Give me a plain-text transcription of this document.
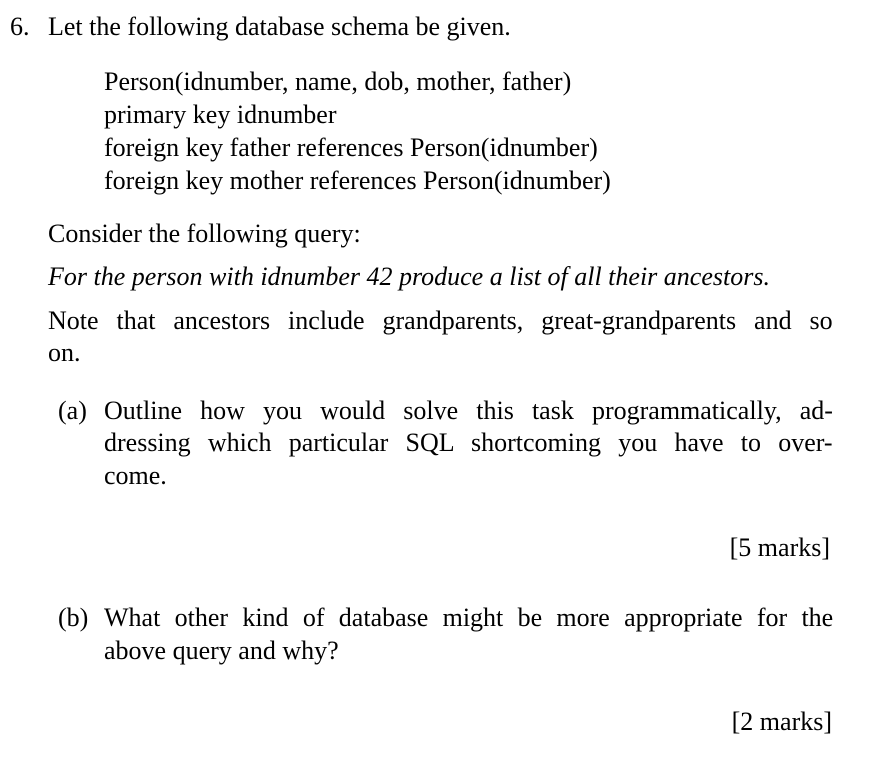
6. Let the following database schema be given.
Person(idnumber, name, dob, mother, father)
primary key idnumber
foreign key father references Person(idnumber)
foreign key mother references Person(idnumber)
Consider the following query:
For the person with idnumber 42 produce a list of all their ancestors.
Note that ancestors include grandparents, great-grandparents and so
on.
(a) Outline how you would solve this task programmatically, ad-
dressing which particular SQL shortcoming you have to over-
come.
[5 marks]
(b) What other kind of database might be more appropriate for the
above query and why?
[2 marks]
